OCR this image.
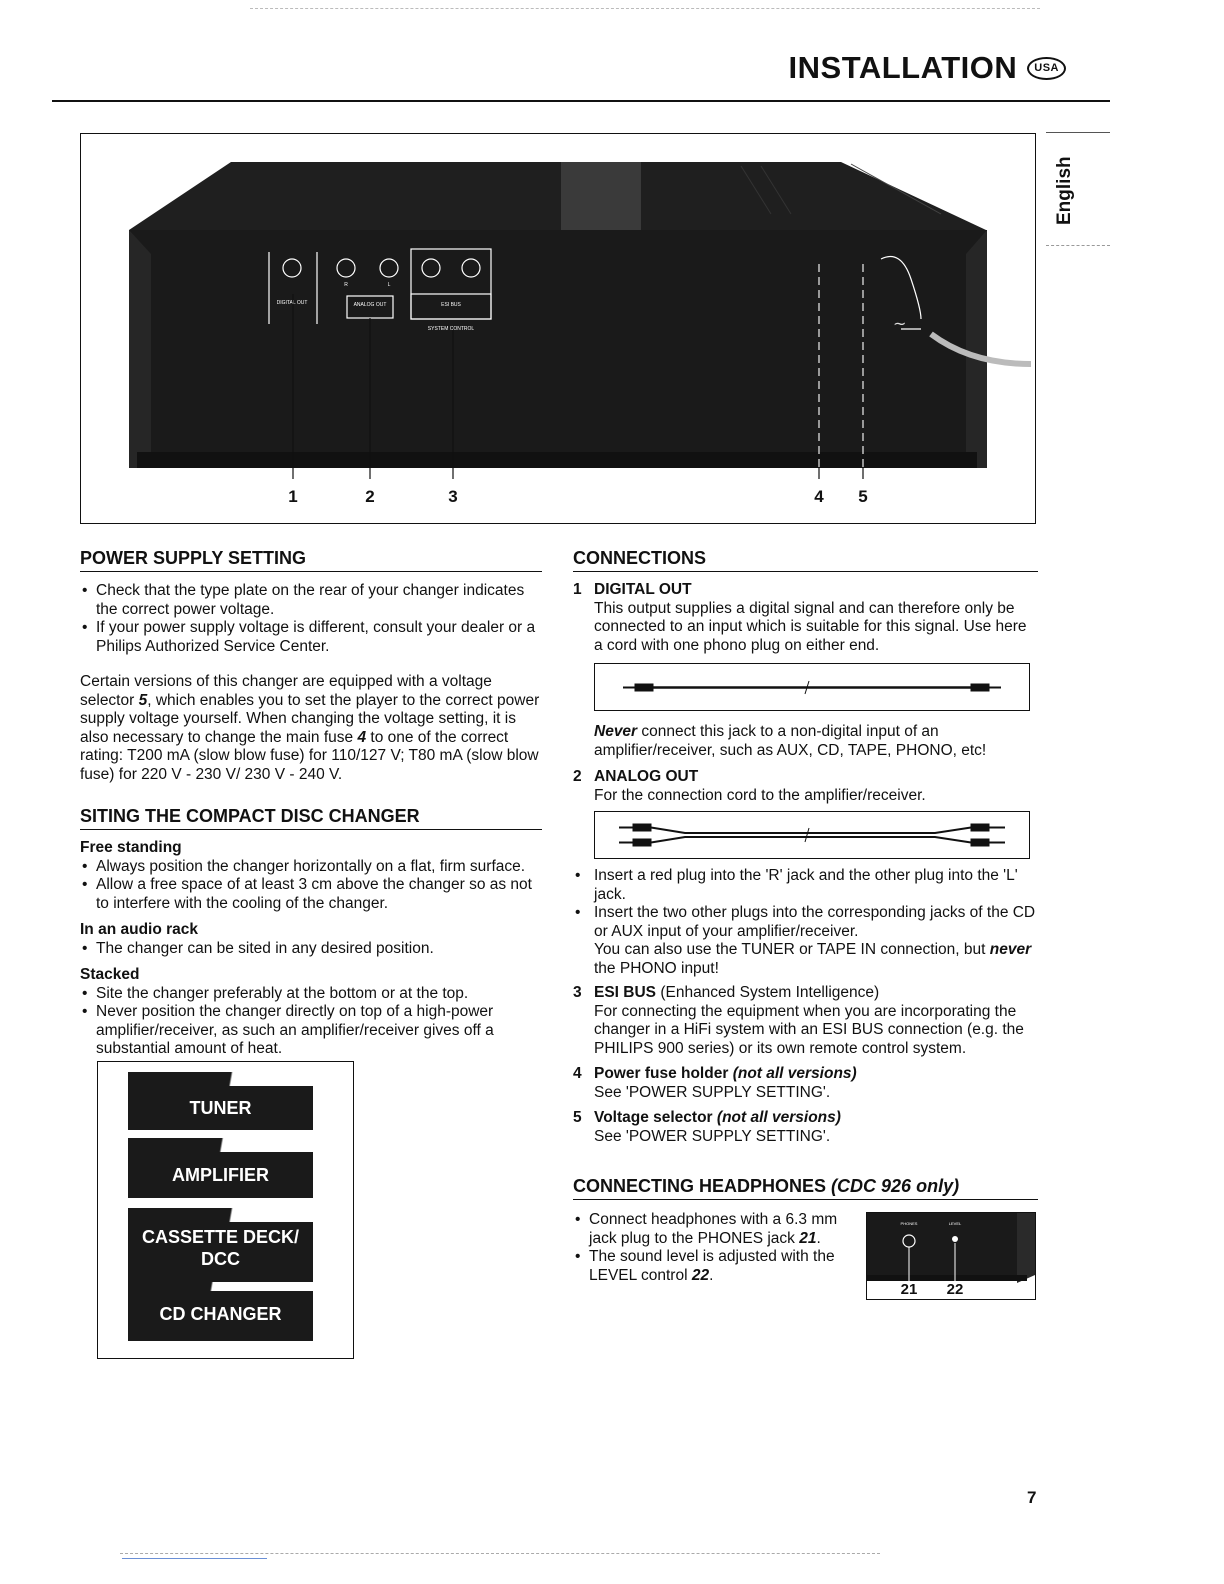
INSTALLATION	USA
English
~
DIGITAL OUT
R	L
ANALOG OUT	ESI BUS
SYSTEM CONTROL
1	2	3	4 5
POWER SUPPLY SETTING
• Check that the type plate on the rear of your changer indicates the correct power voltage.
• If your power supply voltage is different, consult your dealer or a Philips Authorized Service Center.
Certain versions of this changer are equipped with a voltage selector 5, which enables you to set the player to the correct power supply voltage yourself. When changing the voltage setting, it is also necessary to change the main fuse 4 to one of the correct rating: T200 mA (slow blow fuse) for 110/127 V; T80 mA (slow blow fuse) for 220 V - 230 V/ 230 V - 240 V.
SITING THE COMPACT DISC CHANGER
Free standing
• Always position the changer horizontally on a flat, firm surface.
• Allow a free space of at least 3 cm above the changer so as not to interfere with the cooling of the changer.
In an audio rack
• The changer can be sited in any desired position.
Stacked
• Site the changer preferably at the bottom or at the top.
• Never position the changer directly on top of a high-power amplifier/receiver, as such an amplifier/receiver gives off a substantial amount of heat.
TUNER
AMPLIFIER
CASSETTE DECK/
DCC
CD CHANGER
CONNECTIONS
1 DIGITAL OUT
This output supplies a digital signal and can therefore only be connected to an input which is suitable for this signal. Use here a cord with one phono plug on either end.
Never connect this jack to a non-digital input of an amplifier/receiver, such as AUX, CD, TAPE, PHONO, etc!
2 ANALOG OUT
For the connection cord to the amplifier/receiver.
• Insert a red plug into the 'R' jack and the other plug into the 'L' jack.
• Insert the two other plugs into the corresponding jacks of the CD or AUX input of your amplifier/receiver.
You can also use the TUNER or TAPE IN connection, but never the PHONO input!
3 ESI BUS (Enhanced System Intelligence)
For connecting the equipment when you are incorporating the changer in a HiFi system with an ESI BUS connection (e.g. the PHILIPS 900 series) or its own remote control system.
4 Power fuse holder (not all versions)
See 'POWER SUPPLY SETTING'.
5 Voltage selector (not all versions)
See 'POWER SUPPLY SETTING'.
CONNECTING HEADPHONES (CDC 926 only)
• Connect headphones with a 6.3 mm jack plug to the PHONES jack 21.
• The sound level is adjusted with the LEVEL control 22.
PHONES	LEVEL
21 22
7
